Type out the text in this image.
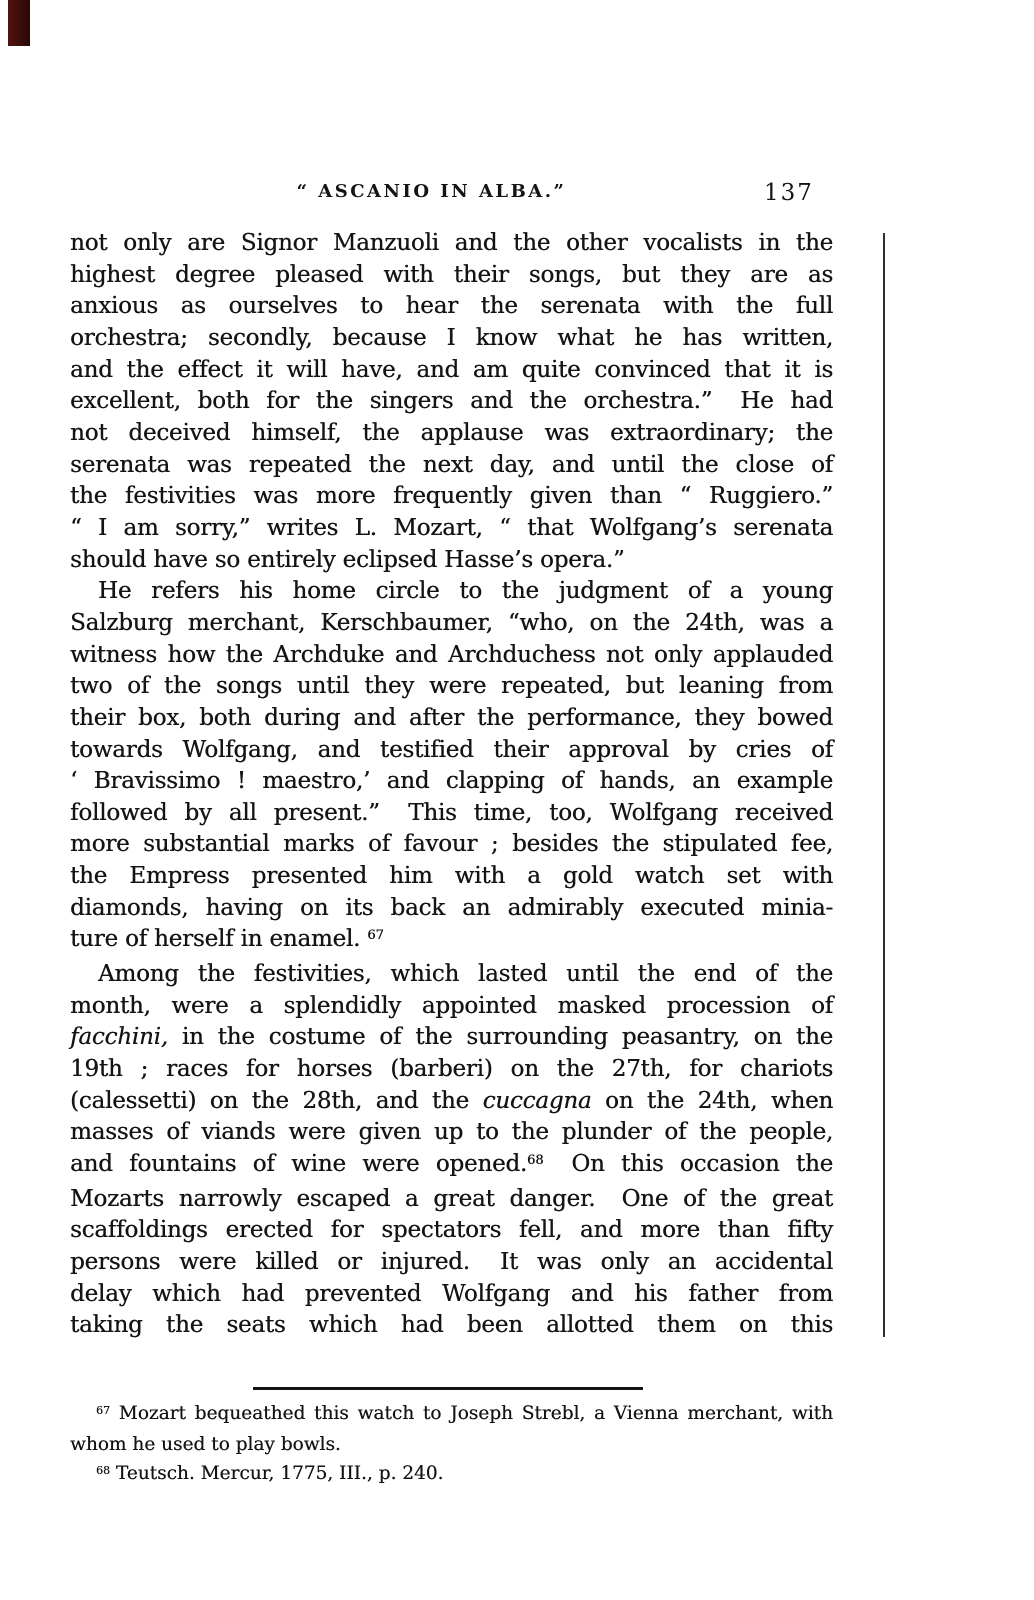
“ ASCANIO IN ALBA.”	137
not only are Signor Manzuoli and the other vocalists in the
highest degree pleased with their songs, but they are as
anxious as ourselves to hear the serenata with the full
orchestra; secondly, because I know what he has written,
and the effect it will have, and am quite convinced that it is
excellent, both for the singers and the orchestra.”  He had
not deceived himself, the applause was extraordinary; the
serenata was repeated the next day, and until the close of
the festivities was more frequently given than “ Ruggiero.”
“ I am sorry,” writes L. Mozart, “ that Wolfgang’s serenata
should have so entirely eclipsed Hasse’s opera.”
He refers his home circle to the judgment of a young
Salzburg merchant, Kerschbaumer, “who, on the 24th, was a
witness how the Archduke and Archduchess not only applauded
two of the songs until they were repeated, but leaning from
their box, both during and after the performance, they bowed
towards Wolfgang, and testified their approval by cries of
‘ Bravissimo ! maestro,’ and clapping of hands, an example
followed by all present.”  This time, too, Wolfgang received
more substantial marks of favour ; besides the stipulated fee,
the Empress presented him with a gold watch set with
diamonds, having on its back an admirably executed minia-
ture of herself in enamel. $^{67}$
Among the festivities, which lasted until the end of the
month, were a splendidly appointed masked procession of
facchini, in the costume of the surrounding peasantry, on the
19th ; races for horses (barberi) on the 27th, for chariots
(calessetti) on the 28th, and the cuccagna on the 24th, when
masses of viands were given up to the plunder of the people,
and fountains of wine were opened.$^{68}$  On this occasion the
Mozarts narrowly escaped a great danger.  One of the great
scaffoldings erected for spectators fell, and more than fifty
persons were killed or injured.  It was only an accidental
delay which had prevented Wolfgang and his father from
taking the seats which had been allotted them on this
$^{67}$ Mozart bequeathed this watch to Joseph Strebl, a Vienna merchant, with
whom he used to play bowls.
$^{68}$ Teutsch. Mercur, 1775, III., p. 240.
